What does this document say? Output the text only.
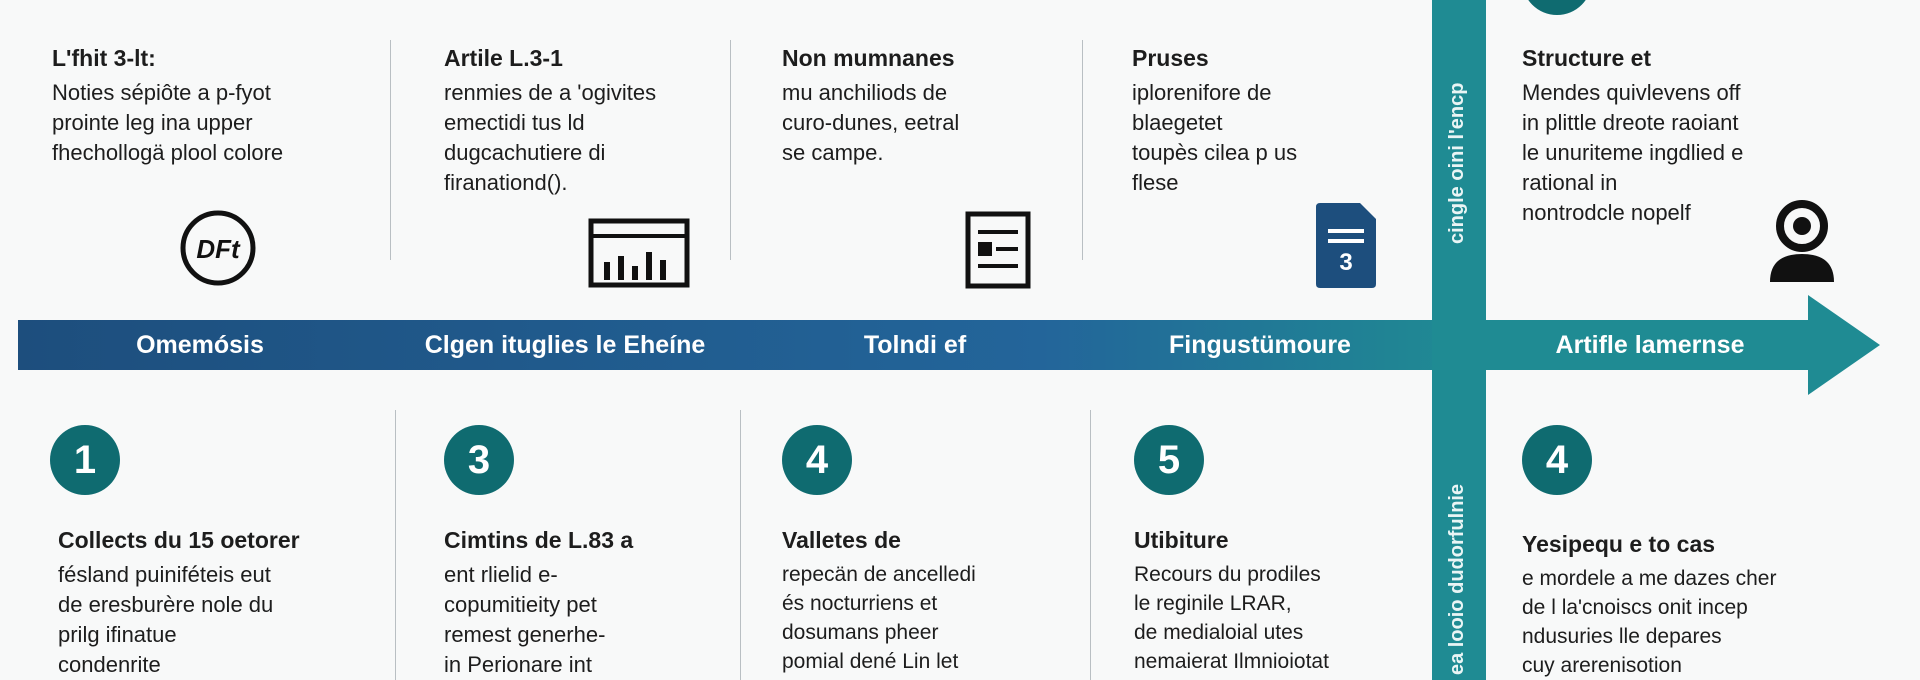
L'fhit 3-lt:
Noties sépiôte a p-fyot
prointe leg ina upper
fhechollogä plool colore
Artile L.3-1
renmies de a 'ogivites
emectidi tus ld
dugcachutiere di
firanationd().
Non mumnanes
mu anchiliods de
curo-dunes, eetral
se campe.
Pruses
iplorenifore de
blaegetet
toupès cilea p us
flese
Structure et
Mendes quivlevens off
in plittle dreote raoiant
le unuriteme ingdlied e
rational in
nontrodcle nopelf
DFt	3
Omemósis	Clgen ituglies le Eheíne	Tolndi ef	Fingustümoure	Artifle lamernse
cingle oini l'encp
ea looio dudorfulnie
1
Collects du 15 oetorer
fésland puiniféteis eut
de eresburère nole du
prilg ifinatue
condenrite
3
Cimtins de L.83 a
ent rlielid e-
copumitieity pet
remest generhe-
in Perionare int
4
Valletes de
repecän de ancelledi
és nocturriens et
dosumans pheer
pomial dené Lin let
5
Utibiture
Recours du prodiles
le reginile LRAR,
de medialoial utes
nemaierat Ilmnioiotat
4
Yesipequ e to cas
e mordele a me dazes cher
de l la'cnoiscs onit incep
ndusuries lle depares
cuy arerenisotion
